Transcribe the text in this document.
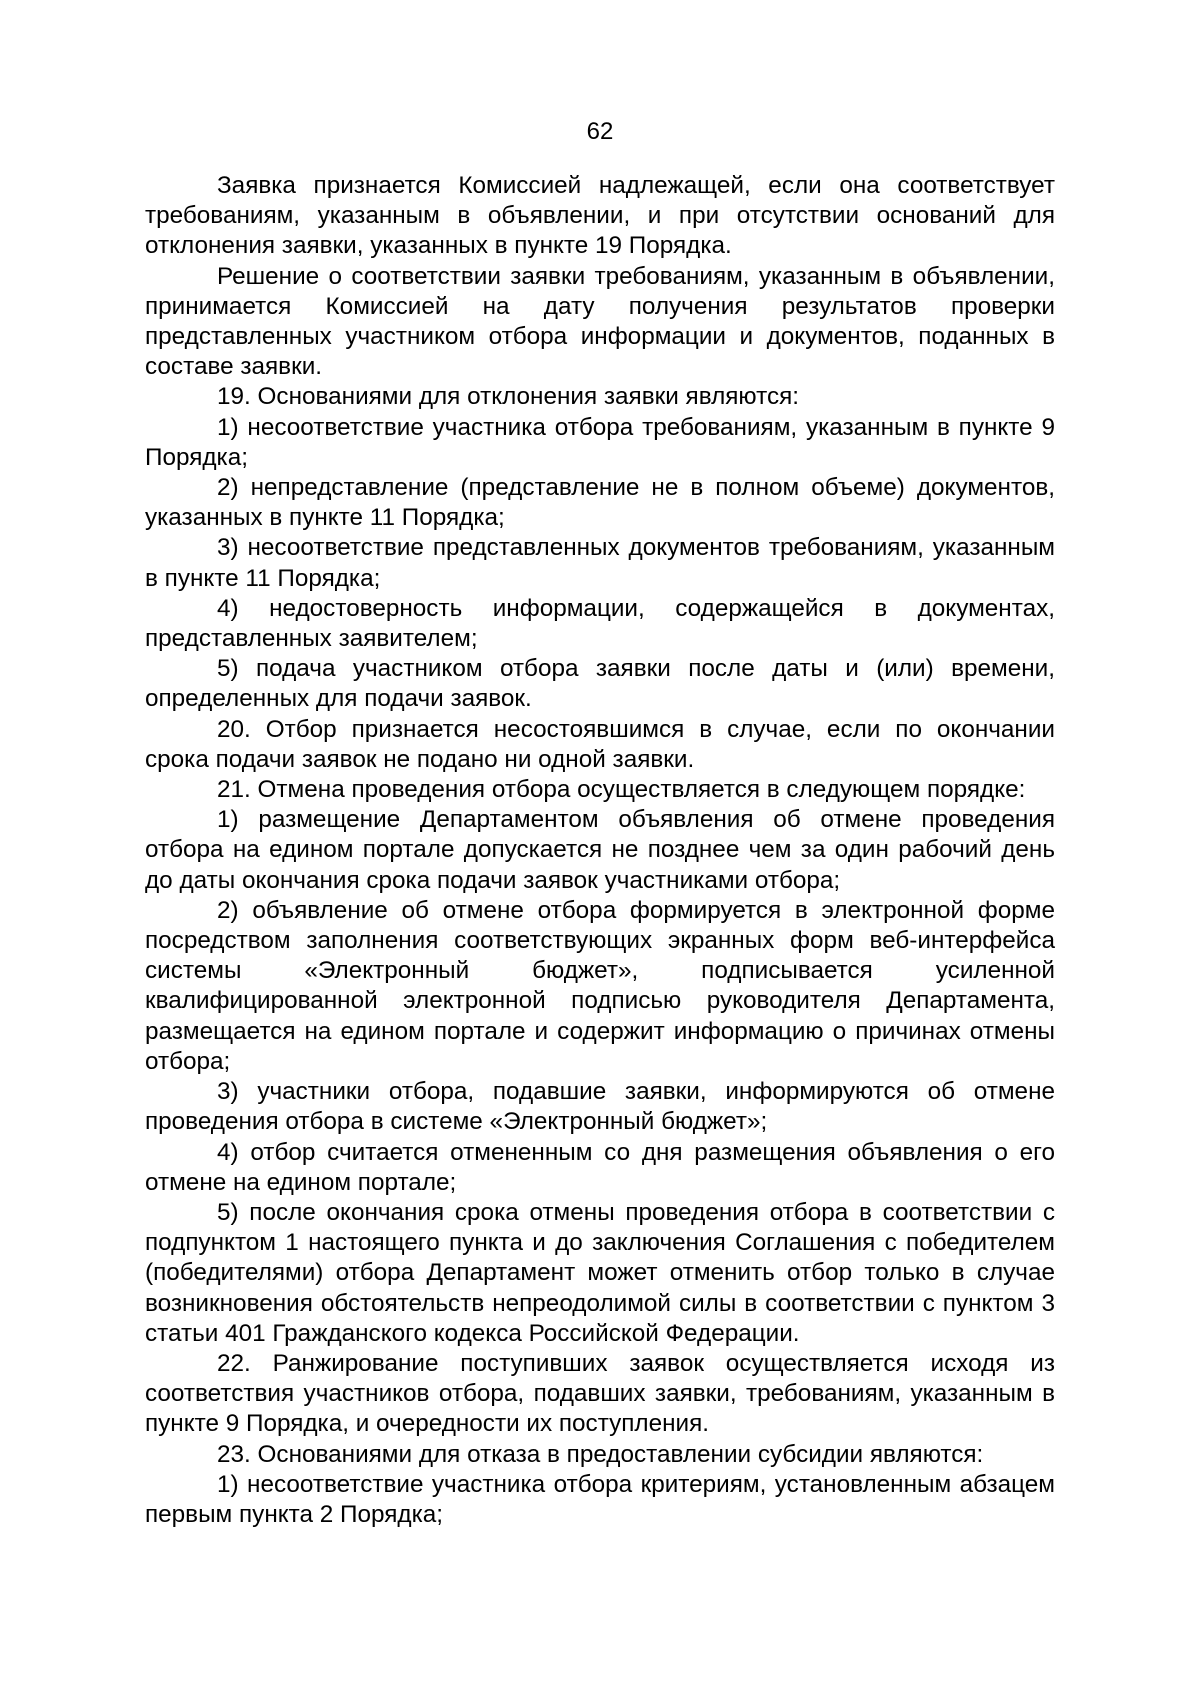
62

Заявка признается Комиссией надлежащей, если она соответствует требованиям, указанным в объявлении, и при отсутствии оснований для отклонения заявки, указанных в пункте 19 Порядка.

Решение о соответствии заявки требованиям, указанным в объявлении, принимается Комиссией на дату получения результатов проверки представленных участником отбора информации и документов, поданных в составе заявки.

19. Основаниями для отклонения заявки являются:

1) несоответствие участника отбора требованиям, указанным в пункте 9 Порядка;

2) непредставление (представление не в полном объеме) документов, указанных в пункте 11 Порядка;

3) несоответствие представленных документов требованиям, указанным в пункте 11 Порядка;

4) недостоверность информации, содержащейся в документах, представленных заявителем;

5) подача участником отбора заявки после даты и (или) времени, определенных для подачи заявок.

20. Отбор признается несостоявшимся в случае, если по окончании срока подачи заявок не подано ни одной заявки.

21. Отмена проведения отбора осуществляется в следующем порядке:

1) размещение Департаментом объявления об отмене проведения отбора на едином портале допускается не позднее чем за один рабочий день до даты окончания срока подачи заявок участниками отбора;

2) объявление об отмене отбора формируется в электронной форме посредством заполнения соответствующих экранных форм веб-интерфейса системы «Электронный бюджет», подписывается усиленной квалифицированной электронной подписью руководителя Департамента, размещается на едином портале и содержит информацию о причинах отмены отбора;

3) участники отбора, подавшие заявки, информируются об отмене проведения отбора в системе «Электронный бюджет»;

4) отбор считается отмененным со дня размещения объявления о его отмене на едином портале;

5) после окончания срока отмены проведения отбора в соответствии с подпунктом 1 настоящего пункта и до заключения Соглашения с победителем (победителями) отбора Департамент может отменить отбор только в случае возникновения обстоятельств непреодолимой силы в соответствии с пунктом 3 статьи 401 Гражданского кодекса Российской Федерации.

22. Ранжирование поступивших заявок осуществляется исходя из соответствия участников отбора, подавших заявки, требованиям, указанным в пункте 9 Порядка, и очередности их поступления.

23. Основаниями для отказа в предоставлении субсидии являются:

1) несоответствие участника отбора критериям, установленным абзацем первым пункта 2 Порядка;
